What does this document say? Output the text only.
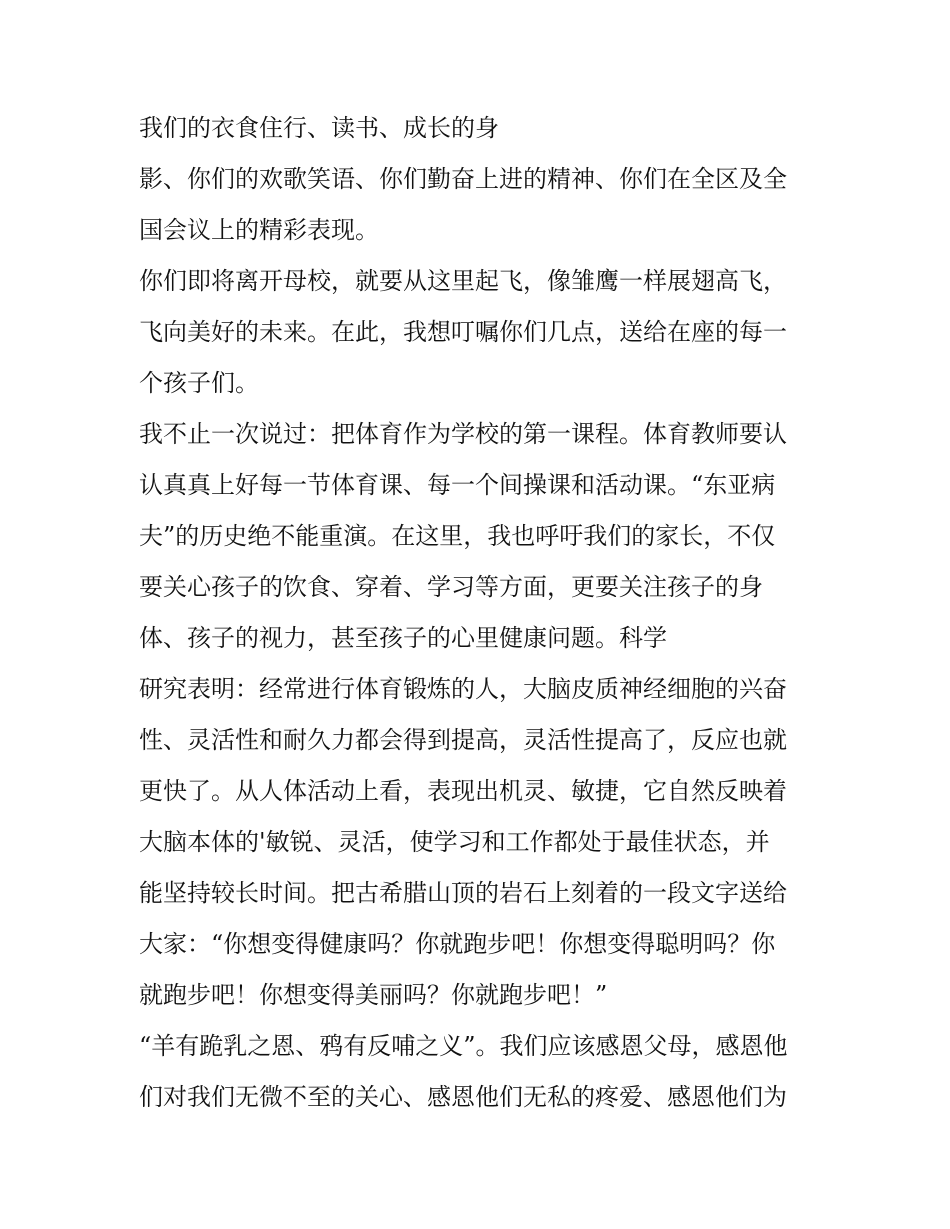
我们的衣食住行、读书、成长的身
影、你们的欢歌笑语、你们勤奋上进的精神、你们在全区及全
国会议上的精彩表现。
你们即将离开母校，就要从这里起飞，像雏鹰一样展翅高飞，
飞向美好的未来。在此，我想叮嘱你们几点，送给在座的每一
个孩子们。
我不止一次说过：把体育作为学校的第一课程。体育教师要认
认真真上好每一节体育课、每一个间操课和活动课。“东亚病
夫”的历史绝不能重演。在这里，我也呼吁我们的家长，不仅
要关心孩子的饮食、穿着、学习等方面，更要关注孩子的身
体、孩子的视力，甚至孩子的心里健康问题。科学
研究表明：经常进行体育锻炼的人，大脑皮质神经细胞的兴奋
性、灵活性和耐久力都会得到提高，灵活性提高了，反应也就
更快了。从人体活动上看，表现出机灵、敏捷，它自然反映着
大脑本体的'敏锐、灵活，使学习和工作都处于最佳状态，并
能坚持较长时间。把古希腊山顶的岩石上刻着的一段文字送给
大家：“你想变得健康吗？你就跑步吧！你想变得聪明吗？你
就跑步吧！你想变得美丽吗？你就跑步吧！”
“羊有跪乳之恩、鸦有反哺之义”。我们应该感恩父母，感恩他
们对我们无微不至的关心、感恩他们无私的疼爱、感恩他们为
